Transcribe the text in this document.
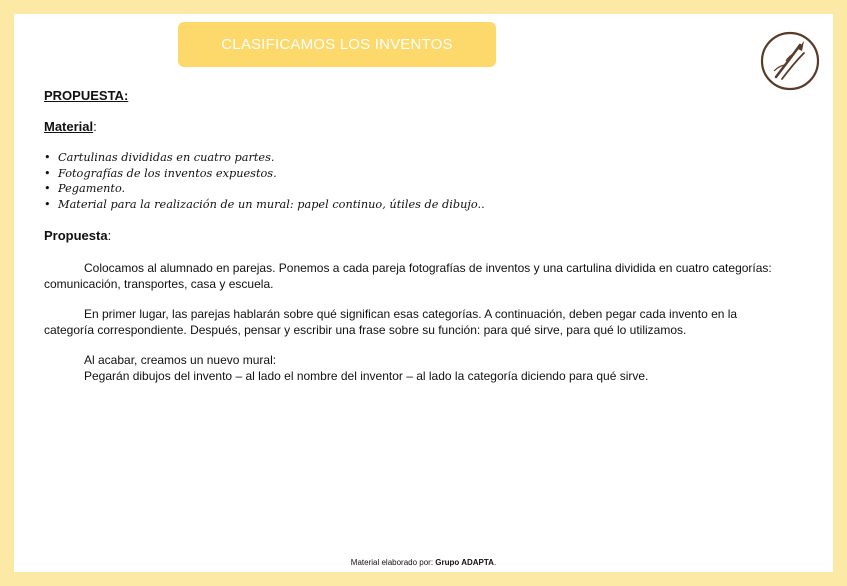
CLASIFICAMOS LOS INVENTOS
PROPUESTA:
Material:
• Cartulinas divididas en cuatro partes.
• Fotografías de los inventos expuestos.
• Pegamento.
• Material para la realización de un mural: papel continuo, útiles de dibujo..
Propuesta:

Colocamos al alumnado en parejas. Ponemos a cada pareja fotografías de inventos y una cartulina dividida en cuatro categorías: comunicación, transportes, casa y escuela.

En primer lugar, las parejas hablarán sobre qué significan esas categorías. A continuación, deben pegar cada invento en la categoría correspondiente. Después, pensar y escribir una frase sobre su función: para qué sirve, para qué lo utilizamos.

Al acabar, creamos un nuevo mural:
Pegarán dibujos del invento – al lado el nombre del inventor – al lado la categoría diciendo para qué sirve.

Material elaborado por: Grupo ADAPTA.
